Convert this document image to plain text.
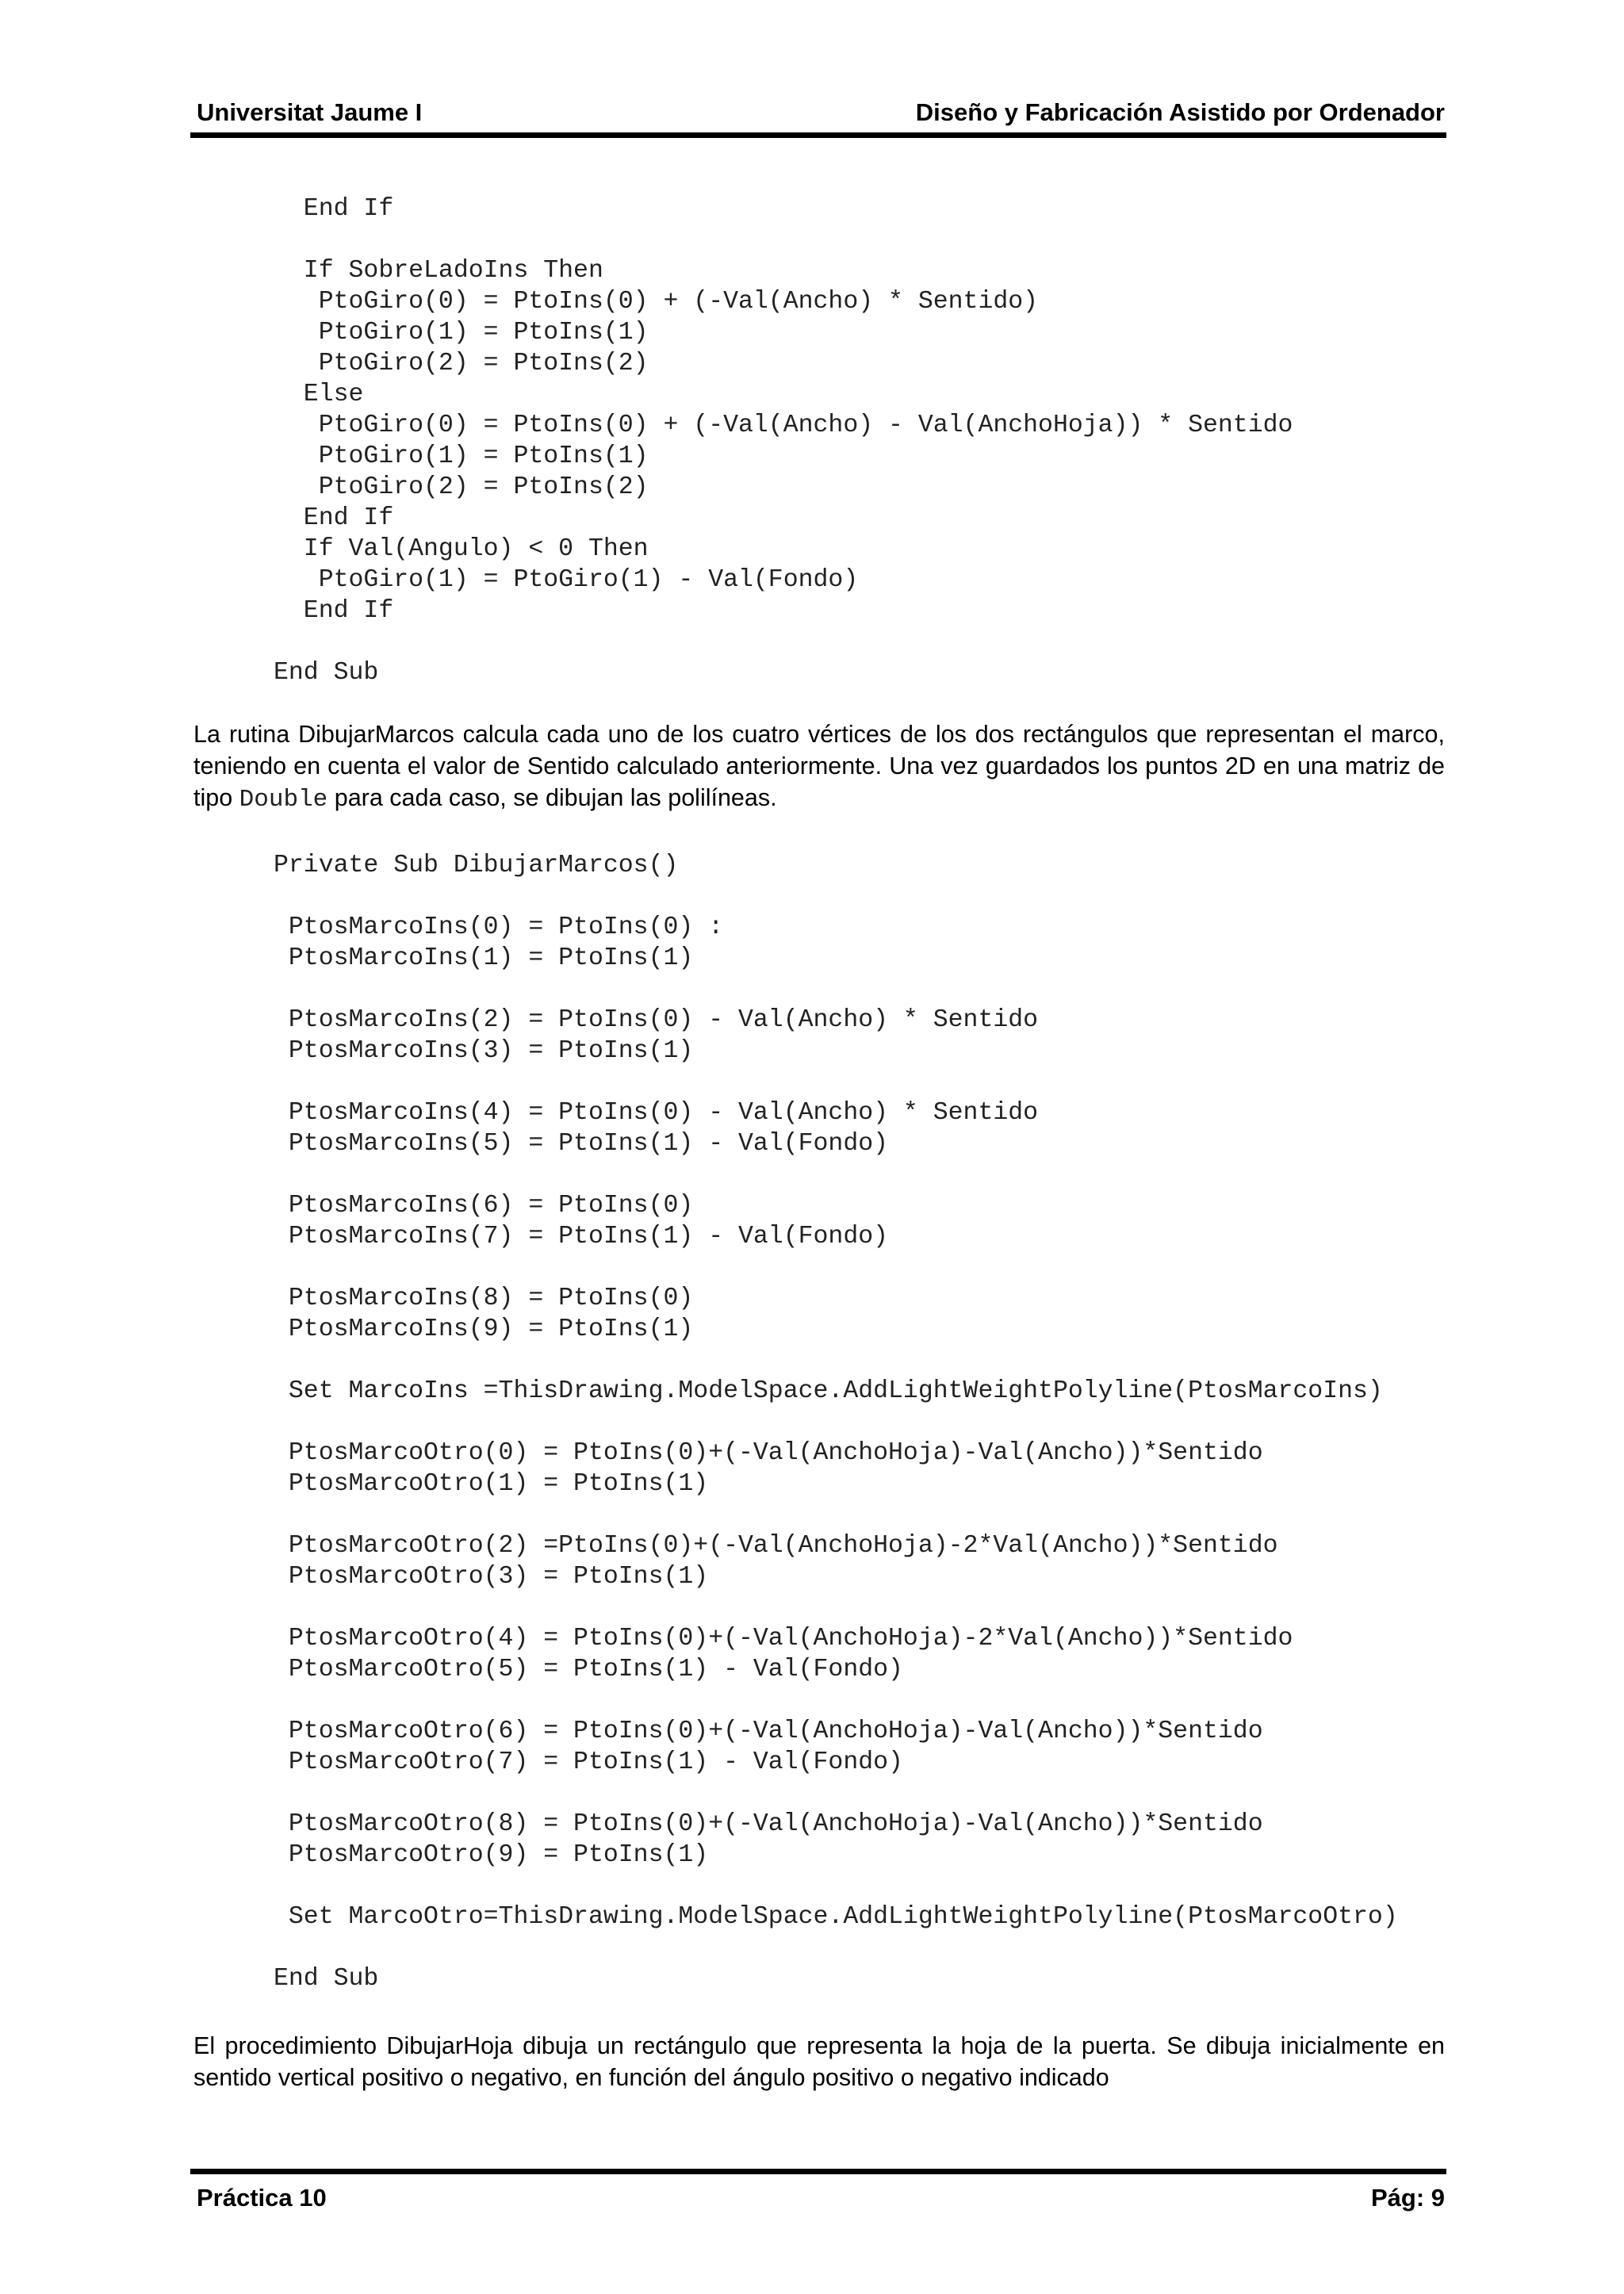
Universitat Jaume I	Diseño y Fabricación Asistido por Ordenador
End If
If SobreLadoIns Then
PtoGiro(0) = PtoIns(0) + (-Val(Ancho) * Sentido)
PtoGiro(1) = PtoIns(1)
PtoGiro(2) = PtoIns(2)
Else
PtoGiro(0) = PtoIns(0) + (-Val(Ancho) - Val(AnchoHoja)) * Sentido
PtoGiro(1) = PtoIns(1)
PtoGiro(2) = PtoIns(2)
End If
If Val(Angulo) < 0 Then
PtoGiro(1) = PtoGiro(1) - Val(Fondo)
End If
End Sub

La rutina DibujarMarcos calcula cada uno de los cuatro vértices de los dos rectángulos que representan el marco, teniendo en cuenta el valor de Sentido calculado anteriormente. Una vez guardados los puntos 2D en una matriz de tipo Double para cada caso, se dibujan las polilíneas.

Private Sub DibujarMarcos()
PtosMarcoIns(0) = PtoIns(0) :
PtosMarcoIns(1) = PtoIns(1)
PtosMarcoIns(2) = PtoIns(0) - Val(Ancho) * Sentido
PtosMarcoIns(3) = PtoIns(1)
PtosMarcoIns(4) = PtoIns(0) - Val(Ancho) * Sentido
PtosMarcoIns(5) = PtoIns(1) - Val(Fondo)
PtosMarcoIns(6) = PtoIns(0)
PtosMarcoIns(7) = PtoIns(1) - Val(Fondo)
PtosMarcoIns(8) = PtoIns(0)
PtosMarcoIns(9) = PtoIns(1)
Set MarcoIns =ThisDrawing.ModelSpace.AddLightWeightPolyline(PtosMarcoIns)
PtosMarcoOtro(0) = PtoIns(0)+(-Val(AnchoHoja)-Val(Ancho))*Sentido
PtosMarcoOtro(1) = PtoIns(1)
PtosMarcoOtro(2) =PtoIns(0)+(-Val(AnchoHoja)-2*Val(Ancho))*Sentido
PtosMarcoOtro(3) = PtoIns(1)
PtosMarcoOtro(4) = PtoIns(0)+(-Val(AnchoHoja)-2*Val(Ancho))*Sentido
PtosMarcoOtro(5) = PtoIns(1) - Val(Fondo)
PtosMarcoOtro(6) = PtoIns(0)+(-Val(AnchoHoja)-Val(Ancho))*Sentido
PtosMarcoOtro(7) = PtoIns(1) - Val(Fondo)
PtosMarcoOtro(8) = PtoIns(0)+(-Val(AnchoHoja)-Val(Ancho))*Sentido
PtosMarcoOtro(9) = PtoIns(1)
Set MarcoOtro=ThisDrawing.ModelSpace.AddLightWeightPolyline(PtosMarcoOtro)
End Sub

El procedimiento DibujarHoja dibuja un rectángulo que representa la hoja de la puerta. Se dibuja inicialmente en sentido vertical positivo o negativo, en función del ángulo positivo o negativo indicado

Práctica 10	Pág: 9
